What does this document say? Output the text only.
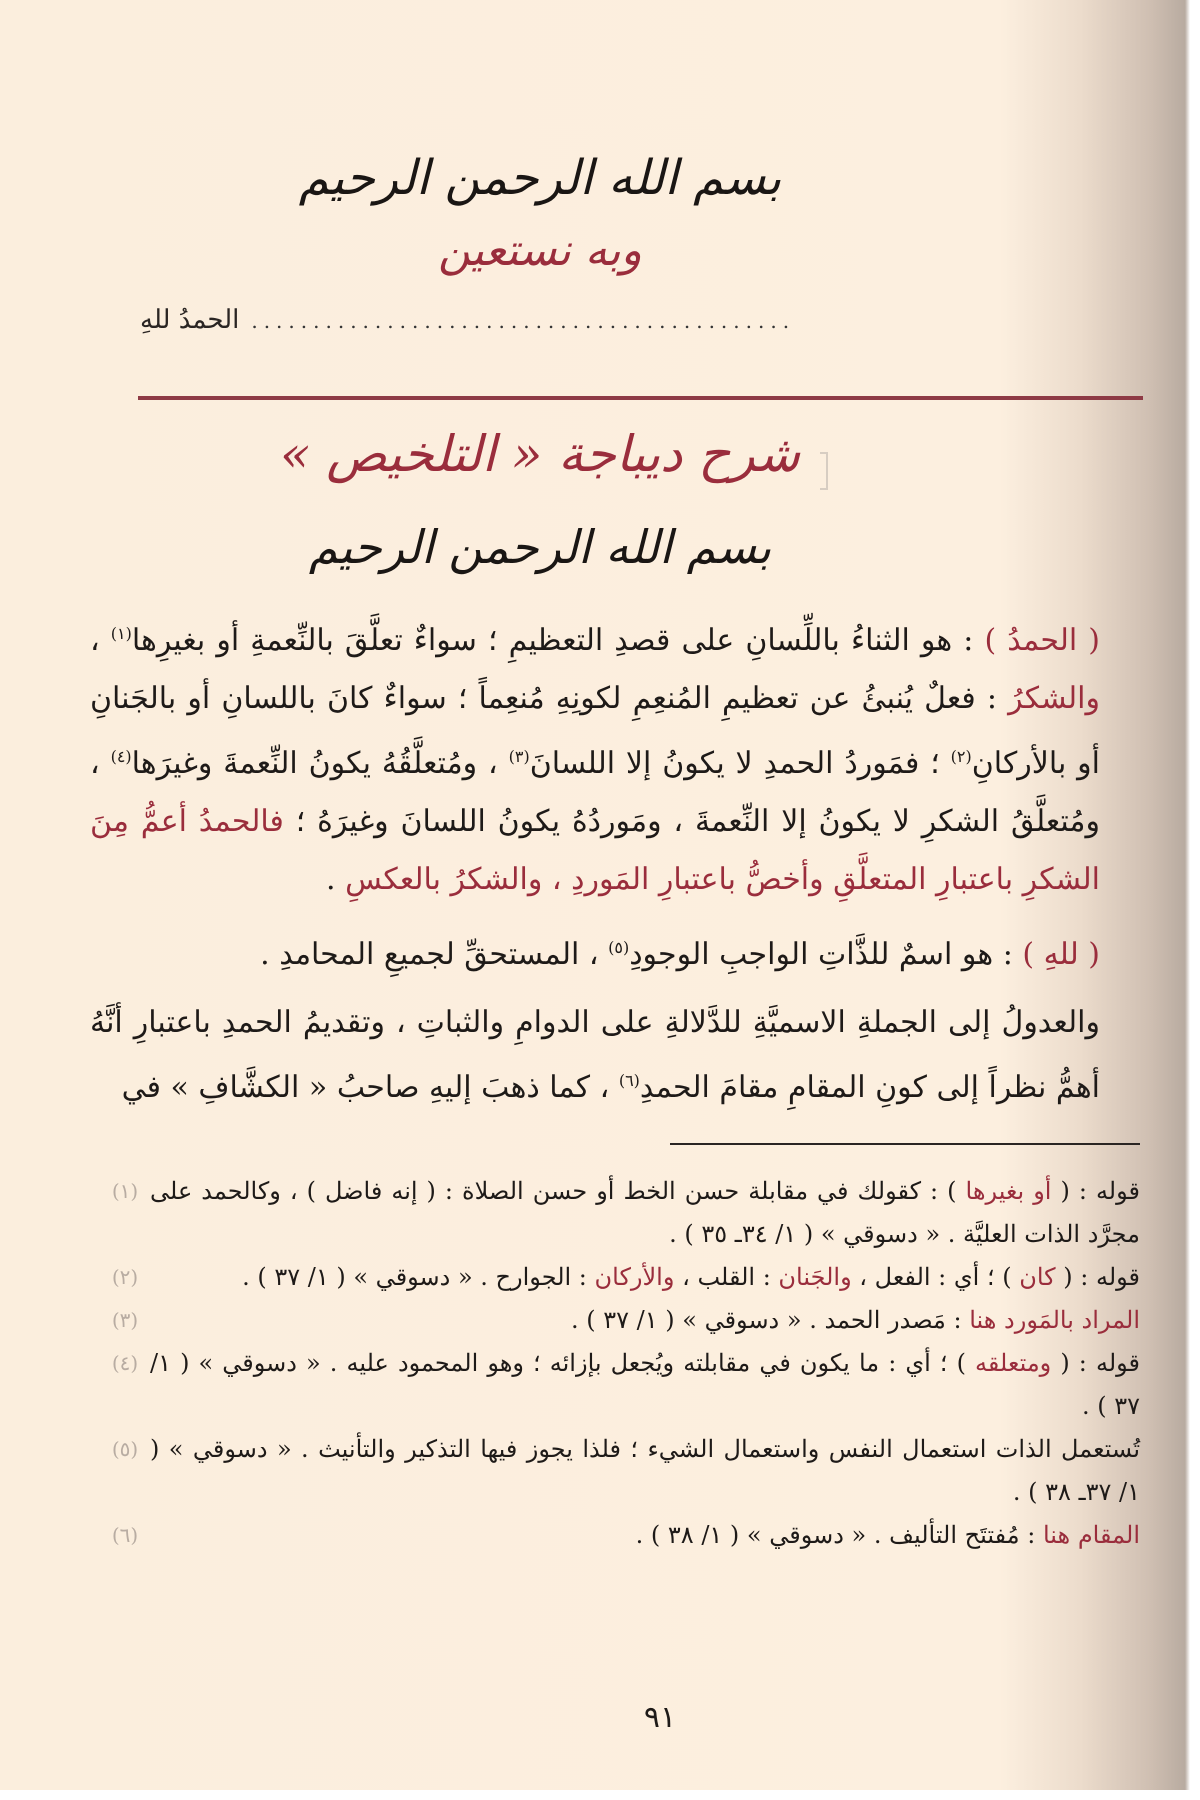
بسم الله الرحمن الرحيم
وبه نستعين
الحمدُ للهِ ............................................
شرح ديباجة « التلخيص »
بسم الله الرحمن الرحيم

( الحمدُ ) : هو الثناءُ باللِّسانِ على قصدِ التعظيمِ ؛ سواءٌ تعلَّقَ بالنِّعمةِ أو بغيرِها$^{(١)}$ ، والشكرُ : فعلٌ يُنبئُ عن تعظيمِ المُنعِمِ لكونِهِ مُنعِماً ؛ سواءٌ كانَ باللسانِ أو بالجَنانِ أو بالأركانِ$^{(٢)}$ ؛ فمَوردُ الحمدِ لا يكونُ إلا اللسانَ$^{(٣)}$ ، ومُتعلَّقُهُ يكونُ النِّعمةَ وغيرَها$^{(٤)}$ ، ومُتعلَّقُ الشكرِ لا يكونُ إلا النِّعمةَ ، ومَوردُهُ يكونُ اللسانَ وغيرَهُ ؛ فالحمدُ أعمُّ مِنَ الشكرِ باعتبارِ المتعلَّقِ وأخصُّ باعتبارِ المَوردِ ، والشكرُ بالعكسِ .

( للهِ ) : هو اسمٌ للذَّاتِ الواجبِ الوجودِ$^{(٥)}$ ، المستحقِّ لجميعِ المحامدِ .

والعدولُ إلى الجملةِ الاسميَّةِ للدَّلالةِ على الدوامِ والثباتِ ، وتقديمُ الحمدِ باعتبارِ أنَّهُ أهمُّ نظراً إلى كونِ المقامِ مقامَ الحمدِ$^{(٦)}$ ، كما ذهبَ إليهِ صاحبُ « الكشَّافِ » في

(١)	قوله : ( أو بغيرها ) : كقولك في مقابلة حسن الخط أو حسن الصلاة : ( إنه فاضل ) ، وكالحمد على مجرَّد الذات العليَّة . « دسوقي » ( ١/ ٣٤ـ ٣٥ ) .
(٢)	قوله : ( كان ) ؛ أي : الفعل ، والجَنان : القلب ، والأركان : الجوارح . « دسوقي » ( ١/ ٣٧ ) .
(٣)	المراد بالمَورد هنا : مَصدر الحمد . « دسوقي » ( ١/ ٣٧ ) .
(٤)	قوله : ( ومتعلقه ) ؛ أي : ما يكون في مقابلته ويُجعل بإزائه ؛ وهو المحمود عليه . « دسوقي » ( ١/ ٣٧ ) .
(٥) تُستعمل الذات استعمال النفس واستعمال الشيء ؛ فلذا يجوز فيها التذكير والتأنيث . « دسوقي » ( ١/ ٣٧ـ ٣٨ ) .
(٦)	المقام هنا : مُفتتَح التأليف . « دسوقي » ( ١/ ٣٨ ) .
٩١
